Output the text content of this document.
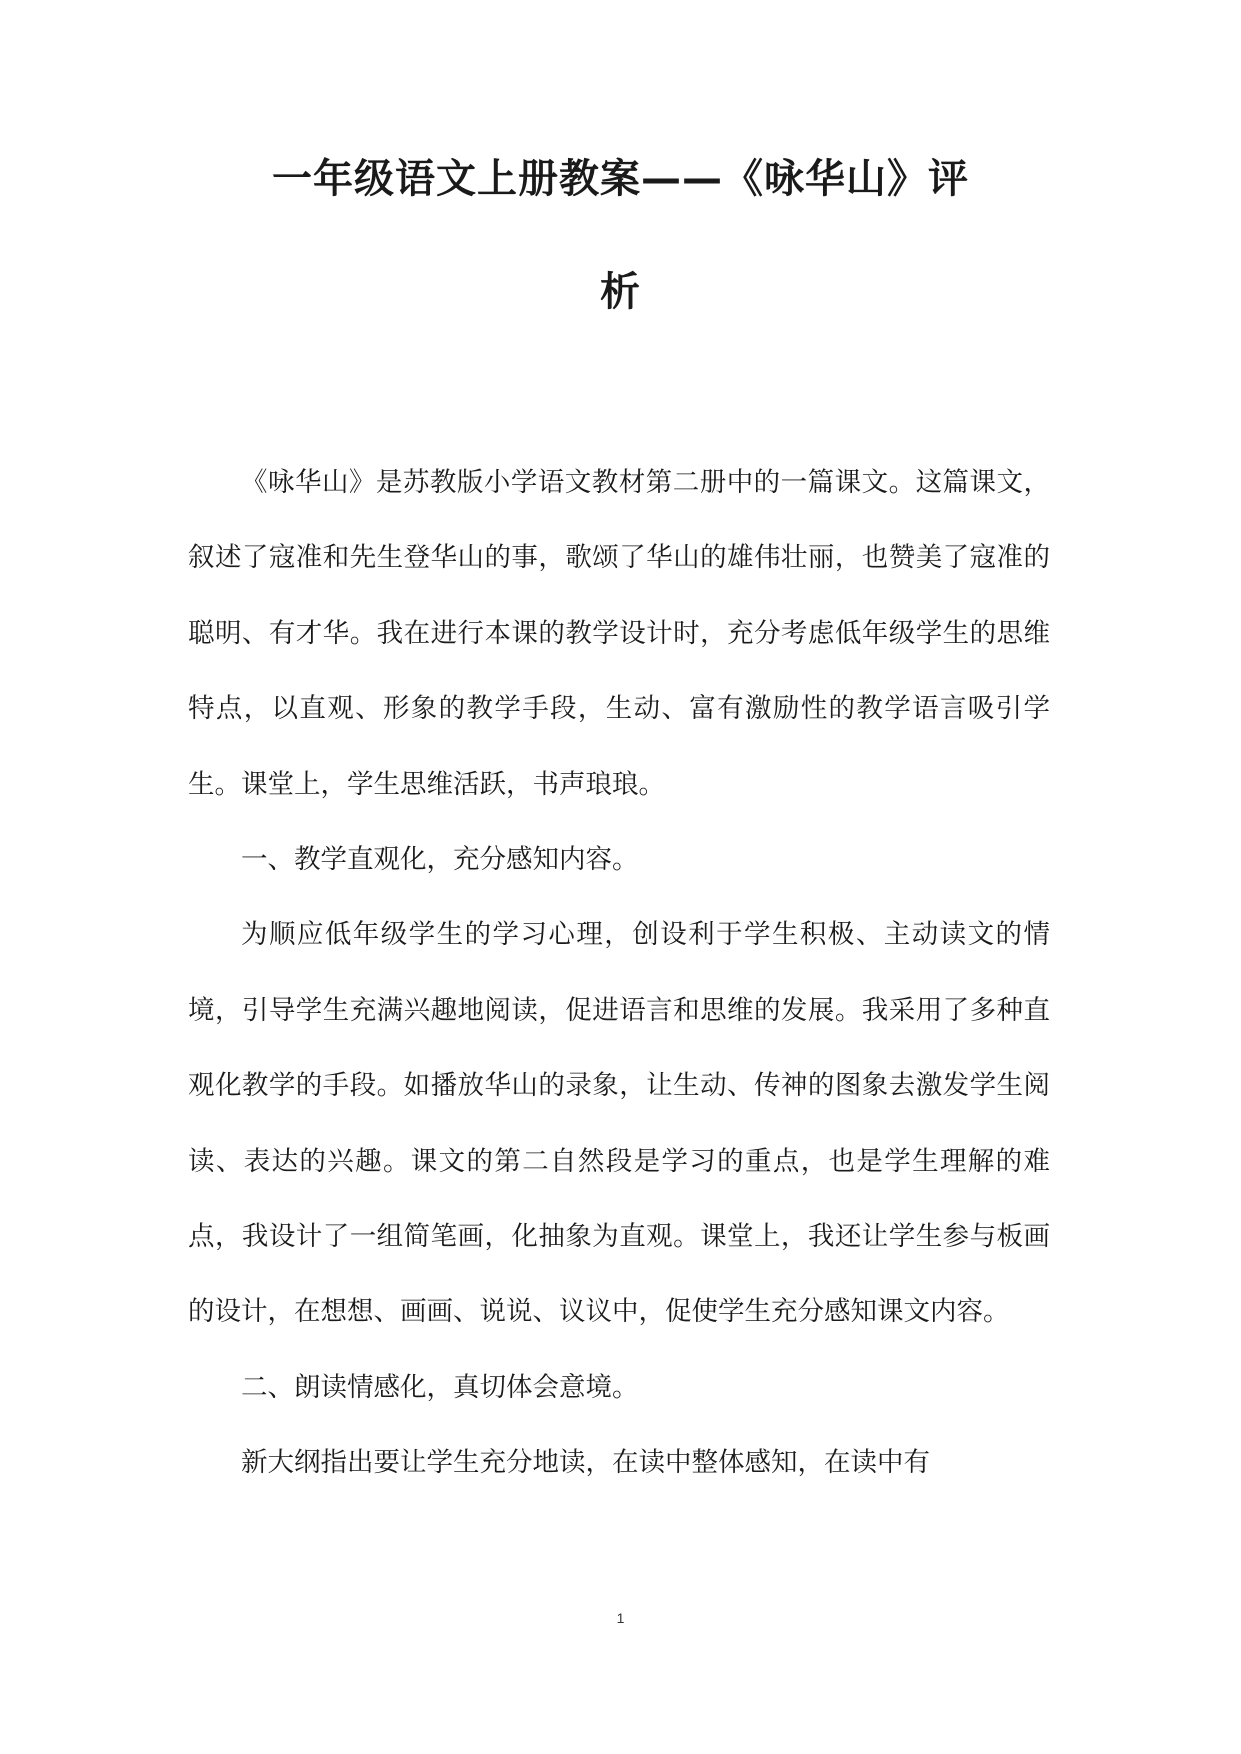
一年级语文上册教案——《咏华山》评
析

《咏华山》是苏教版小学语文教材第二册中的一篇课文。这篇课文，叙述了寇准和先生登华山的事，歌颂了华山的雄伟壮丽，也赞美了寇准的聪明、有才华。我在进行本课的教学设计时，充分考虑低年级学生的思维特点，以直观、形象的教学手段，生动、富有激励性的教学语言吸引学生。课堂上，学生思维活跃，书声琅琅。

一、教学直观化，充分感知内容。

为顺应低年级学生的学习心理，创设利于学生积极、主动读文的情境，引导学生充满兴趣地阅读，促进语言和思维的发展。我采用了多种直观化教学的手段。如播放华山的录象，让生动、传神的图象去激发学生阅读、表达的兴趣。课文的第二自然段是学习的重点，也是学生理解的难点，我设计了一组简笔画，化抽象为直观。课堂上，我还让学生参与板画的设计，在想想、画画、说说、议议中，促使学生充分感知课文内容。

二、朗读情感化，真切体会意境。

新大纲指出要让学生充分地读，在读中整体感知，在读中有

1
